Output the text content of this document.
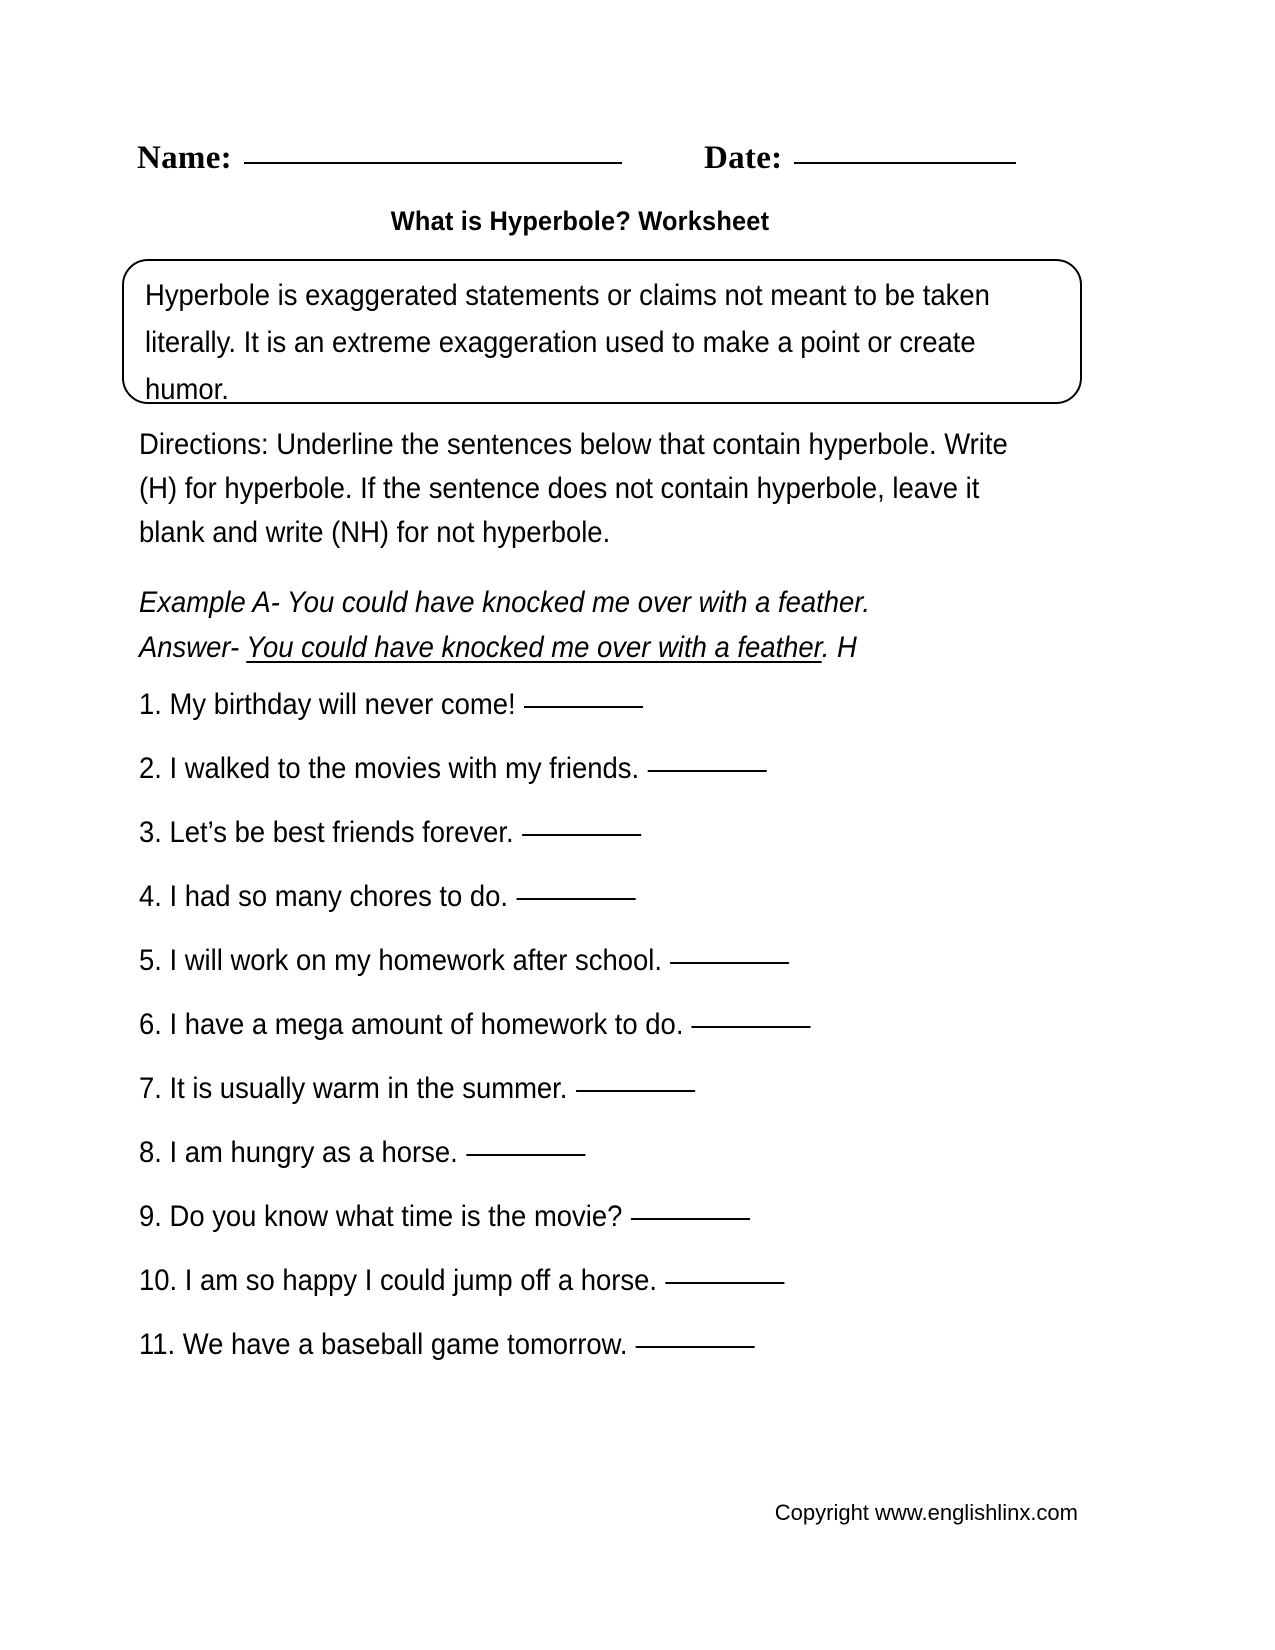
Name:	Date:
What is Hyperbole? Worksheet
Hyperbole is exaggerated statements or claims not meant to be taken literally. It is an extreme exaggeration used to make a point or create humor.
Directions: Underline the sentences below that contain hyperbole. Write (H) for hyperbole. If the sentence does not contain hyperbole, leave it blank and write (NH) for not hyperbole.
Example A- You could have knocked me over with a feather.
Answer- You could have knocked me over with a feather. H
1. My birthday will never come!
2. I walked to the movies with my friends.
3. Let’s be best friends forever.
4. I had so many chores to do.
5. I will work on my homework after school.
6. I have a mega amount of homework to do.
7. It is usually warm in the summer.
8. I am hungry as a horse.
9. Do you know what time is the movie?
10. I am so happy I could jump off a horse.
11. We have a baseball game tomorrow.
Copyright www.englishlinx.com
